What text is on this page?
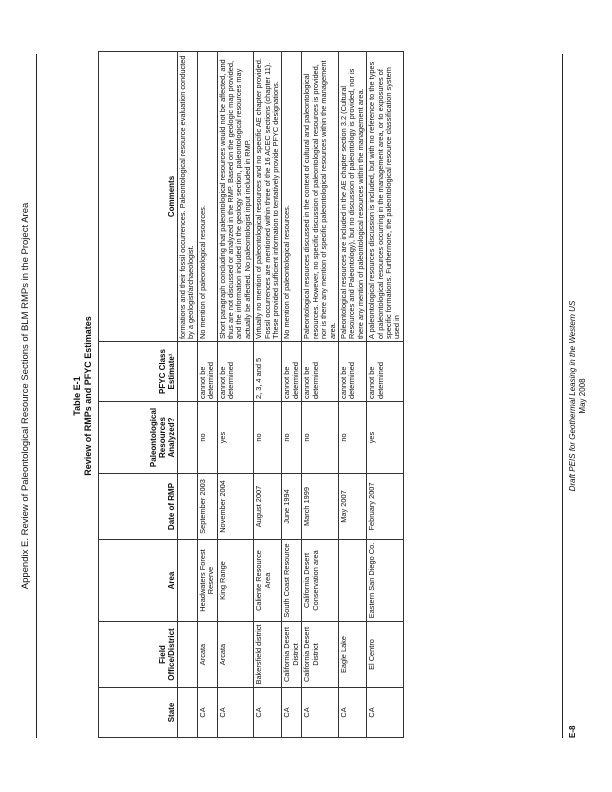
Appendix E. Review of Paleontological Resource Sections of BLM RMPs in the Project Area	Table E-1 Review of RMPs and PFYC Estimates
State	Field Office/District	Area	Date of RMP	Paleontological Resources Analyzed?	PFYC Class Estimate¹	Comments
						formations and their fossil occurrences. Paleontological resource evaluation conducted by a geologist/archaeologist.
CA	Arcata	Headwaters Forest Reserve	September 2003	no	cannot be determined	No mention of paleontological resources.
CA	Arcata	King Range	November 2004	yes	cannot be determined	Short paragraph concluding that paleontological resources would not be affected, and thus are not discussed or analyzed in the RMP. Based on the geologic map provided, and the information included in the geology section, paleontological resources may actually be affected. No paleontologist input included in RMP.
CA	Bakersfield district	Caliente Resource Area	August 2007	no	2, 3, 4 and 5	Virtually no mention of paleontological resources and no specific AE chapter provided. Fossil occurrences are mentioned within three of the 16 ACEC sections (chapter 11). These provided sufficient information to tentatively provide PFYC designations.
CA	California Desert District	South Coast Resource	June 1994	no	cannot be determined	No mention of paleontological resources.
CA	California Desert District	California Desert Conservation area	March 1999	no	cannot be determined	Paleontological resources discussed in the context of cultural and paleontological resources. However, no specific discussion of paleontological resources is provided, nor is there any mention of specific paleontological resources within the management area.
CA	Eagle Lake		May 2007	no	cannot be determined	Paleontological resources are included in the AE chapter section 3.2 (Cultural Resources and Paleontology), but no discussion of paleontology is provided, nor is there any mention of paleontological resources within the management area.
CA	El Centro	Eastern San Diego Co.	February 2007	yes	cannot be determined	A paleontological resources discussion is included, but with no reference to the types of paleontological resources occurring in the management area, or to exposures of specific formations. Furthermore, the paleontological resource classification system used in
E-8
Draft PEIS for Geothermal Leasing in the Western US May 2008
